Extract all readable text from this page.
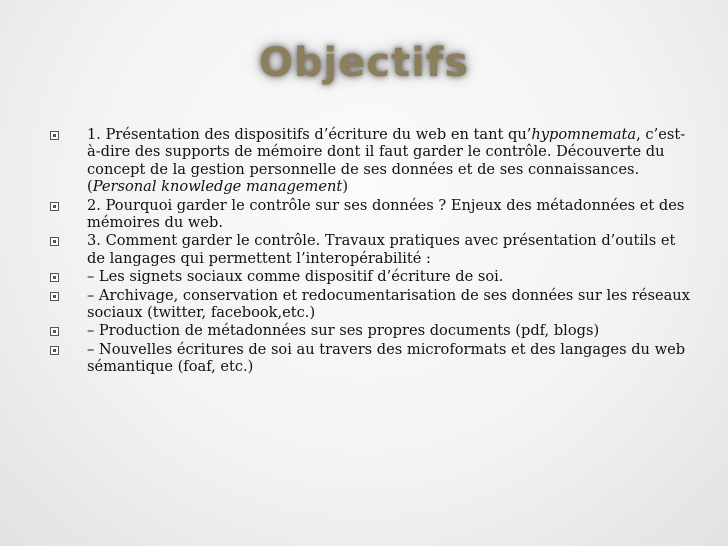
Objectifs
1. Présentation des dispositifs d’écriture du web en tant qu’hypomnemata, c’est-à-dire des supports de mémoire dont il faut garder le contrôle. Découverte du concept de la gestion personnelle de ses données et de ses connaissances. (Personal knowledge management)
2. Pourquoi garder le contrôle sur ses données ? Enjeux des métadonnées et des mémoires du web.
3. Comment garder le contrôle. Travaux pratiques avec présentation d’outils et de langages qui permettent l’interopérabilité :
– Les signets sociaux comme dispositif d’écriture de soi.
– Archivage, conservation et redocumentarisation de ses données sur les réseaux sociaux (twitter, facebook,etc.)
– Production de métadonnées sur ses propres documents (pdf, blogs)
– Nouvelles écritures de soi au travers des microformats et des langages du web sémantique (foaf, etc.)
